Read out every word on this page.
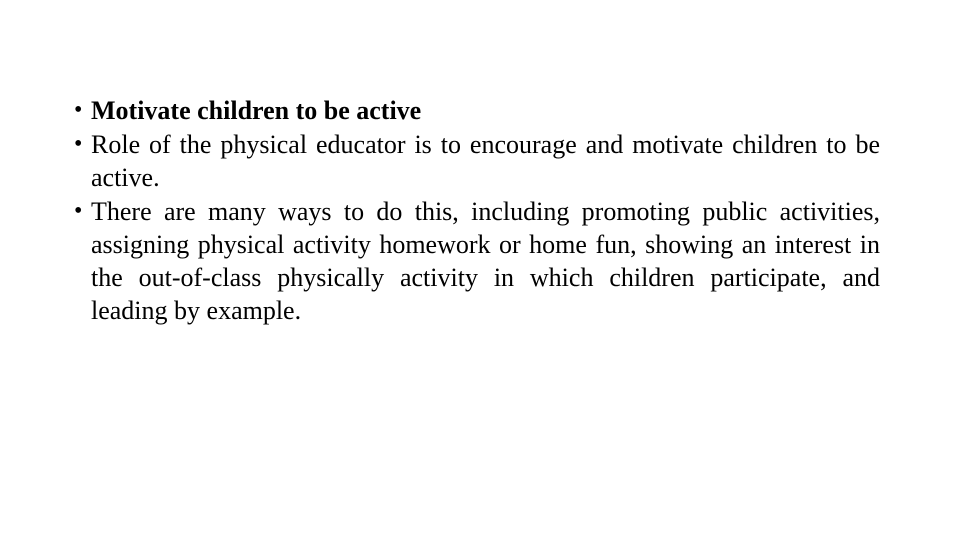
• Motivate children to be active
• Role of the physical educator is to encourage and motivate children to be active.
• There are many ways to do this, including promoting public activities, assigning physical activity homework or home fun, showing an interest in the out-of-class physically activity in which children participate, and leading by example.
